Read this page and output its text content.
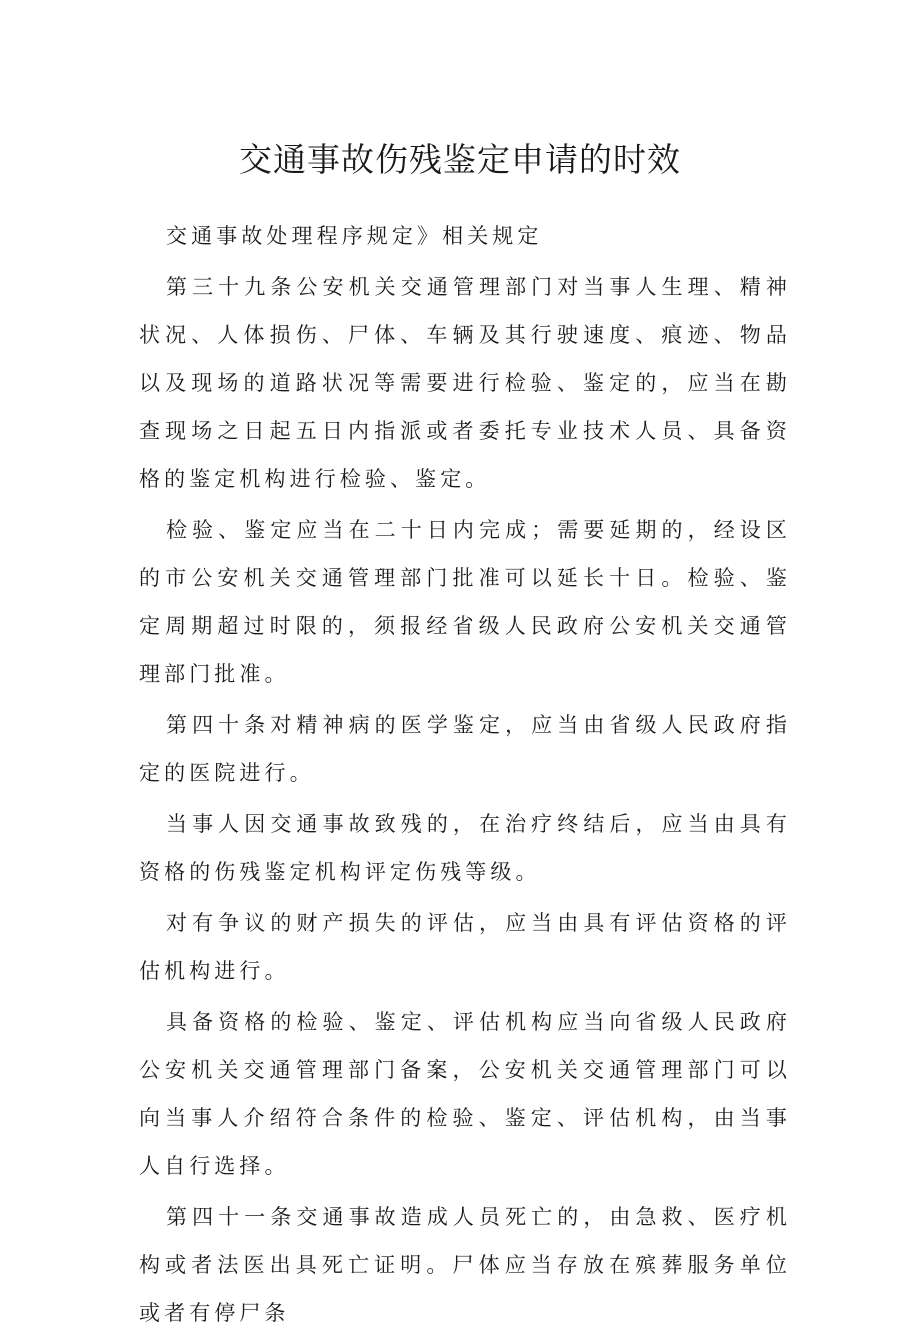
交通事故伤残鉴定申请的时效

交通事故处理程序规定》相关规定

第三十九条公安机关交通管理部门对当事人生理、精神状况、人体损伤、尸体、车辆及其行驶速度、痕迹、物品以及现场的道路状况等需要进行检验、鉴定的，应当在勘查现场之日起五日内指派或者委托专业技术人员、具备资格的鉴定机构进行检验、鉴定。

检验、鉴定应当在二十日内完成；需要延期的，经设区的市公安机关交通管理部门批准可以延长十日。检验、鉴定周期超过时限的，须报经省级人民政府公安机关交通管理部门批准。

第四十条对精神病的医学鉴定，应当由省级人民政府指定的医院进行。

当事人因交通事故致残的，在治疗终结后，应当由具有资格的伤残鉴定机构评定伤残等级。

对有争议的财产损失的评估，应当由具有评估资格的评估机构进行。

具备资格的检验、鉴定、评估机构应当向省级人民政府公安机关交通管理部门备案，公安机关交通管理部门可以向当事人介绍符合条件的检验、鉴定、评估机构，由当事人自行选择。

第四十一条交通事故造成人员死亡的，由急救、医疗机构或者法医出具死亡证明。尸体应当存放在殡葬服务单位或者有停尸条
